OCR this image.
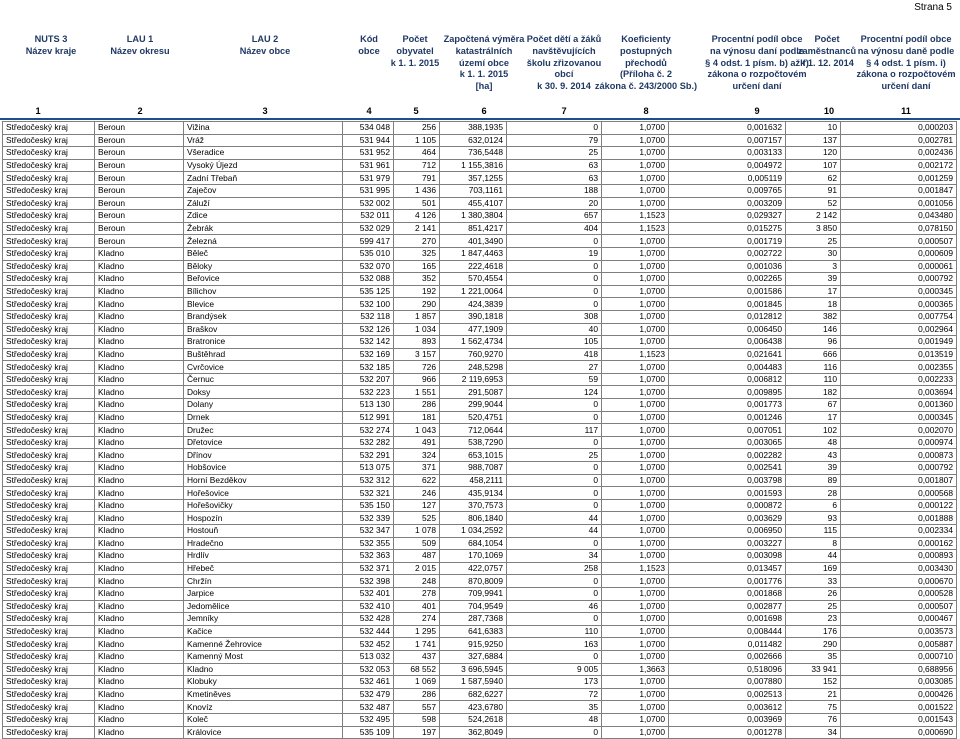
Strana 5
NUTS 3
Název kraje
LAU 1
Název okresu
LAU 2
Název obce
Kód
obce
Počet
obyvatel
k 1. 1. 2015
Započtená výměra
katastrálních
území obce
k 1. 1. 2015
[ha]
Počet dětí a žáků
navštěvujících
školu zřizovanou
obcí
k 30. 9. 2014
Koeficienty
postupných
přechodů
(Příloha č. 2
zákona č. 243/2000 Sb.)
Procentní podíl obce
na výnosu daní podle
§ 4 odst. 1 písm. b) až f)
zákona o rozpočtovém
určení daní
Počet
zaměstnanců
k 1. 12. 2014
Procentní podíl obce
na výnosu daně podle
§ 4 odst. 1 písm. i)
zákona o rozpočtovém
určení daní
1	2	3	4	5	6	7	8	9	10	11
Středočeský kraj	Beroun	Vižina	534 048	256	388,1935	0	1,0700	0,001632	10	0,000203
Středočeský kraj	Beroun	Vráž	531 944	1 105	632,0124	79	1,0700	0,007157	137	0,002781
Středočeský kraj	Beroun	Všeradice	531 952	464	736,5448	25	1,0700	0,003133	120	0,002436
Středočeský kraj	Beroun	Vysoký Újezd	531 961	712	1 155,3816	63	1,0700	0,004972	107	0,002172
Středočeský kraj	Beroun	Zadní Třebaň	531 979	791	357,1255	63	1,0700	0,005119	62	0,001259
Středočeský kraj	Beroun	Zaječov	531 995	1 436	703,1161	188	1,0700	0,009765	91	0,001847
Středočeský kraj	Beroun	Záluží	532 002	501	455,4107	20	1,0700	0,003209	52	0,001056
Středočeský kraj	Beroun	Zdice	532 011	4 126	1 380,3804	657	1,1523	0,029327	2 142	0,043480
Středočeský kraj	Beroun	Žebrák	532 029	2 141	851,4217	404	1,1523	0,015275	3 850	0,078150
Středočeský kraj	Beroun	Železná	599 417	270	401,3490	0	1,0700	0,001719	25	0,000507
Středočeský kraj	Kladno	Běleč	535 010	325	1 847,4463	19	1,0700	0,002722	30	0,000609
Středočeský kraj	Kladno	Běloky	532 070	165	222,4618	0	1,0700	0,001036	3	0,000061
Středočeský kraj	Kladno	Beřovice	532 088	352	570,4554	0	1,0700	0,002265	39	0,000792
Středočeský kraj	Kladno	Bílichov	535 125	192	1 221,0064	0	1,0700	0,001586	17	0,000345
Středočeský kraj	Kladno	Blevice	532 100	290	424,3839	0	1,0700	0,001845	18	0,000365
Středočeský kraj	Kladno	Brandýsek	532 118	1 857	390,1818	308	1,0700	0,012812	382	0,007754
Středočeský kraj	Kladno	Braškov	532 126	1 034	477,1909	40	1,0700	0,006450	146	0,002964
Středočeský kraj	Kladno	Bratronice	532 142	893	1 562,4734	105	1,0700	0,006438	96	0,001949
Středočeský kraj	Kladno	Buštěhrad	532 169	3 157	760,9270	418	1,1523	0,021641	666	0,013519
Středočeský kraj	Kladno	Cvrčovice	532 185	726	248,5298	27	1,0700	0,004483	116	0,002355
Středočeský kraj	Kladno	Černuc	532 207	966	2 119,6953	59	1,0700	0,006812	110	0,002233
Středočeský kraj	Kladno	Doksy	532 223	1 551	291,5087	124	1,0700	0,009895	182	0,003694
Středočeský kraj	Kladno	Dolany	513 130	286	299,9044	0	1,0700	0,001773	67	0,001360
Středočeský kraj	Kladno	Drnek	512 991	181	520,4751	0	1,0700	0,001246	17	0,000345
Středočeský kraj	Kladno	Družec	532 274	1 043	712,0644	117	1,0700	0,007051	102	0,002070
Středočeský kraj	Kladno	Dřetovice	532 282	491	538,7290	0	1,0700	0,003065	48	0,000974
Středočeský kraj	Kladno	Dřínov	532 291	324	653,1015	25	1,0700	0,002282	43	0,000873
Středočeský kraj	Kladno	Hobšovice	513 075	371	988,7087	0	1,0700	0,002541	39	0,000792
Středočeský kraj	Kladno	Horní Bezděkov	532 312	622	458,2111	0	1,0700	0,003798	89	0,001807
Středočeský kraj	Kladno	Hořešovice	532 321	246	435,9134	0	1,0700	0,001593	28	0,000568
Středočeský kraj	Kladno	Hořešovičky	535 150	127	370,7573	0	1,0700	0,000872	6	0,000122
Středočeský kraj	Kladno	Hospozín	532 339	525	806,1840	44	1,0700	0,003629	93	0,001888
Středočeský kraj	Kladno	Hostouň	532 347	1 078	1 034,2592	44	1,0700	0,006950	115	0,002334
Středočeský kraj	Kladno	Hradečno	532 355	509	684,1054	0	1,0700	0,003227	8	0,000162
Středočeský kraj	Kladno	Hrdlív	532 363	487	170,1069	34	1,0700	0,003098	44	0,000893
Středočeský kraj	Kladno	Hřebeč	532 371	2 015	422,0757	258	1,1523	0,013457	169	0,003430
Středočeský kraj	Kladno	Chržín	532 398	248	870,8009	0	1,0700	0,001776	33	0,000670
Středočeský kraj	Kladno	Jarpice	532 401	278	709,9941	0	1,0700	0,001868	26	0,000528
Středočeský kraj	Kladno	Jedomělice	532 410	401	704,9549	46	1,0700	0,002877	25	0,000507
Středočeský kraj	Kladno	Jemníky	532 428	274	287,7368	0	1,0700	0,001698	23	0,000467
Středočeský kraj	Kladno	Kačice	532 444	1 295	641,6383	110	1,0700	0,008444	176	0,003573
Středočeský kraj	Kladno	Kamenné Žehrovice	532 452	1 741	915,9250	163	1,0700	0,011482	290	0,005887
Středočeský kraj	Kladno	Kamenný Most	513 032	437	327,6884	0	1,0700	0,002666	35	0,000710
Středočeský kraj	Kladno	Kladno	532 053	68 552	3 696,5945	9 005	1,3663	0,518096	33 941	0,688956
Středočeský kraj	Kladno	Klobuky	532 461	1 069	1 587,5940	173	1,0700	0,007880	152	0,003085
Středočeský kraj	Kladno	Kmetiněves	532 479	286	682,6227	72	1,0700	0,002513	21	0,000426
Středočeský kraj	Kladno	Knovíz	532 487	557	423,6780	35	1,0700	0,003612	75	0,001522
Středočeský kraj	Kladno	Koleč	532 495	598	524,2618	48	1,0700	0,003969	76	0,001543
Středočeský kraj	Kladno	Královice	535 109	197	362,8049	0	1,0700	0,001278	34	0,000690
